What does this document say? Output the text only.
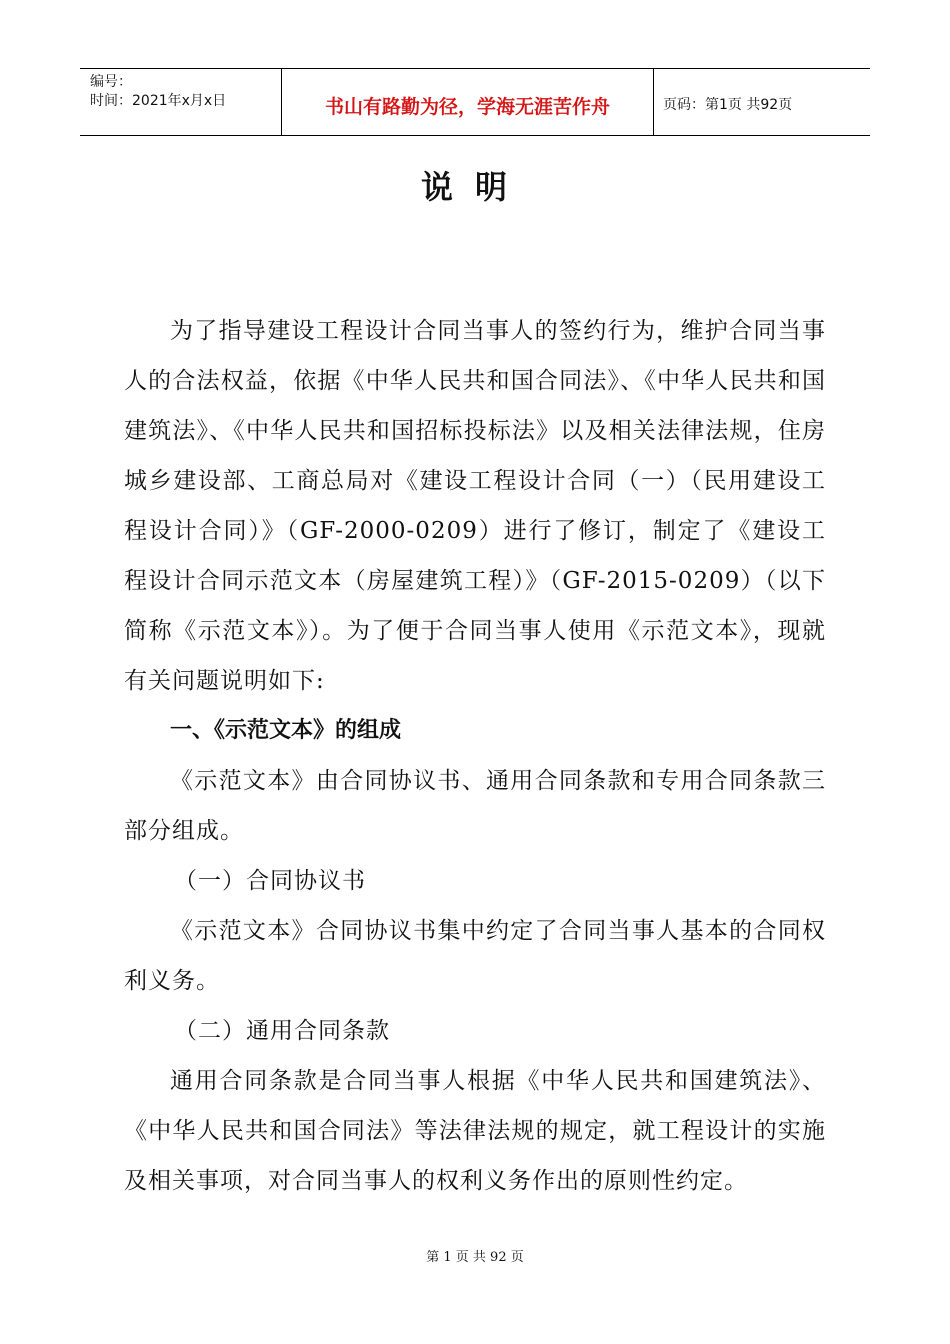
编号：
时间：2021年x月x日	书山有路勤为径，学海无涯苦作舟	页码：第1页 共92页
说明

为了指导建设工程设计合同当事人的签约行为，维护合同当事人的合法权益，依据《中华人民共和国合同法》、《中华人民共和国建筑法》、《中华人民共和国招标投标法》以及相关法律法规，住房城乡建设部、工商总局对《建设工程设计合同（一）（民用建设工程设计合同）》（GF-2000-0209）进行了修订，制定了《建设工程设计合同示范文本（房屋建筑工程）》（GF-2015-0209）（以下简称《示范文本》）。为了便于合同当事人使用《示范文本》，现就有关问题说明如下:

一、《示范文本》的组成

《示范文本》由合同协议书、通用合同条款和专用合同条款三部分组成。

（一）合同协议书

《示范文本》合同协议书集中约定了合同当事人基本的合同权利义务。

（二）通用合同条款

通用合同条款是合同当事人根据《中华人民共和国建筑法》、《中华人民共和国合同法》等法律法规的规定，就工程设计的实施及相关事项，对合同当事人的权利义务作出的原则性约定。

第 1 页 共 92 页
